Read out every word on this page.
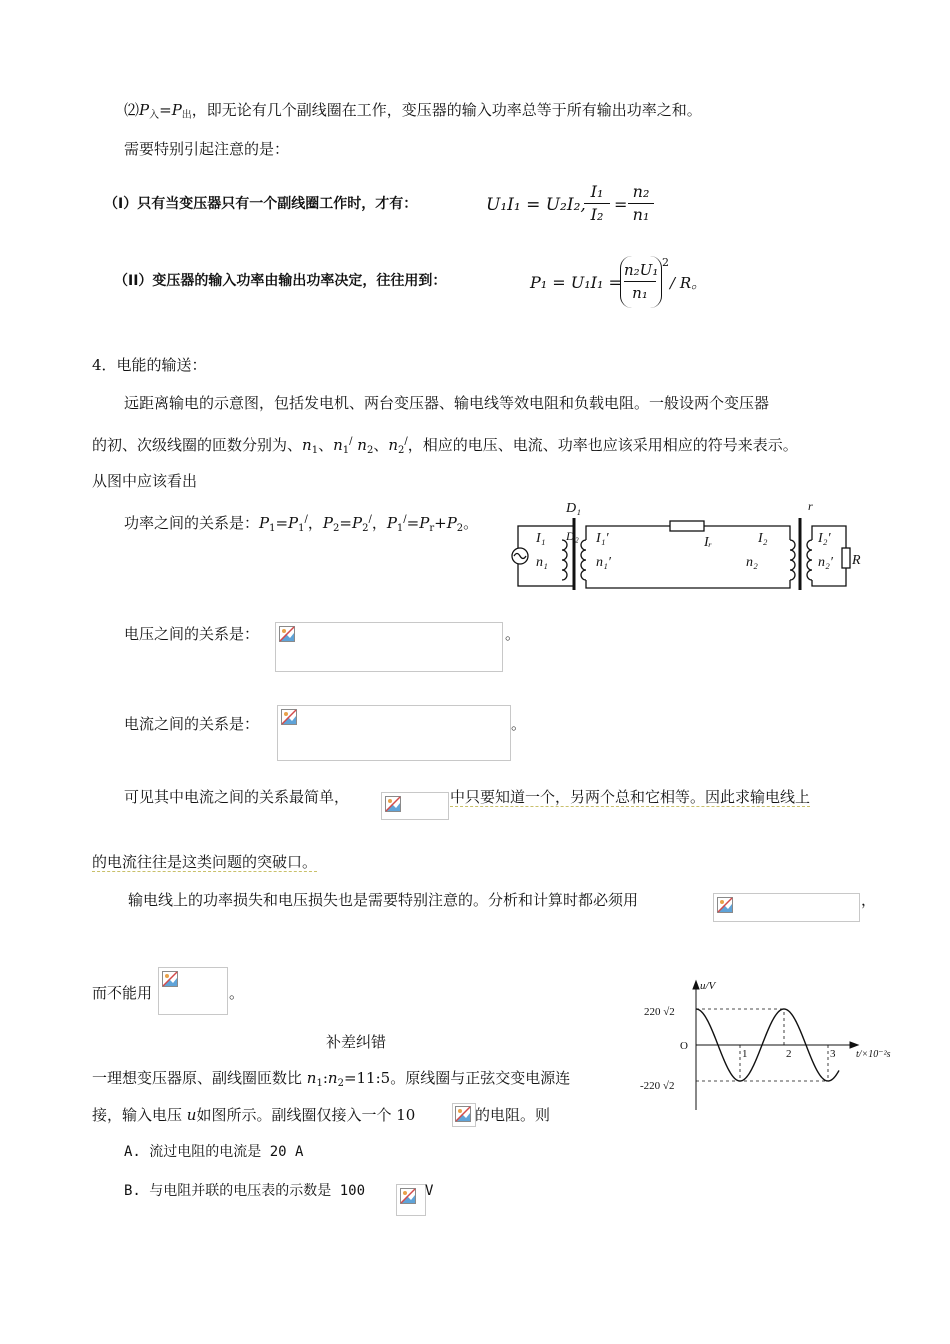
$⑵P_入=P_出$，即无论有几个副线圈在工作，变压器的输入功率总等于所有输出功率之和。
需要特别引起注意的是：
（Ⅰ）只有当变压器只有一个副线圈工作时，才有：	U₁I₁ = U₂I₂,
I₁
I₂
=
n₂
n₁
（ⅠⅠ）变压器的输入功率由输出功率决定，往往用到：	P₁ = U₁I₁ =
n₂U₁
n₁
2
/ R。
4．电能的输送：
远距离输电的示意图，包括发电机、两台变压器、输电线等效电阻和负载电阻。一般设两个变压器
的初、次级线圈的匝数分别为、$n_1$、$n_1^/$ $n_2$、$n_2^/$，相应的电压、电流、功率也应该采用相应的符号来表示。
从图中应该看出
功率之间的关系是：$P_1=P_1^/$，$P_2=P_2^/$，$P_1^/=P_r+P_2$。
D₁
D₂
I₁
n₁
I₁′
n₁′
Iᵣ	I₂
n₂
I₂′
n₂′
r
R
电压之间的关系是：	。
电流之间的关系是：	。
可见其中电流之间的关系最简单，	中只要知道一个，另两个总和它相等。因此求输电线上
的电流往往是这类问题的突破口。
输电线上的功率损失和电压损失也是需要特别注意的。分析和计算时都必须用	，
而不能用	。
补差纠错
一理想变压器原、副线圈匝数比 $n_1:n_2=11:5$。原线圈与正弦交变电源连
接，输入电压 u如图所示。副线圈仅接入一个 10	的电阻。则
A. 流过电阻的电流是 20 A
B. 与电阻并联的电压表的示数是 100	V
u/V
t/×10⁻²s
220 √2
O
-220 √2
1	2	3
